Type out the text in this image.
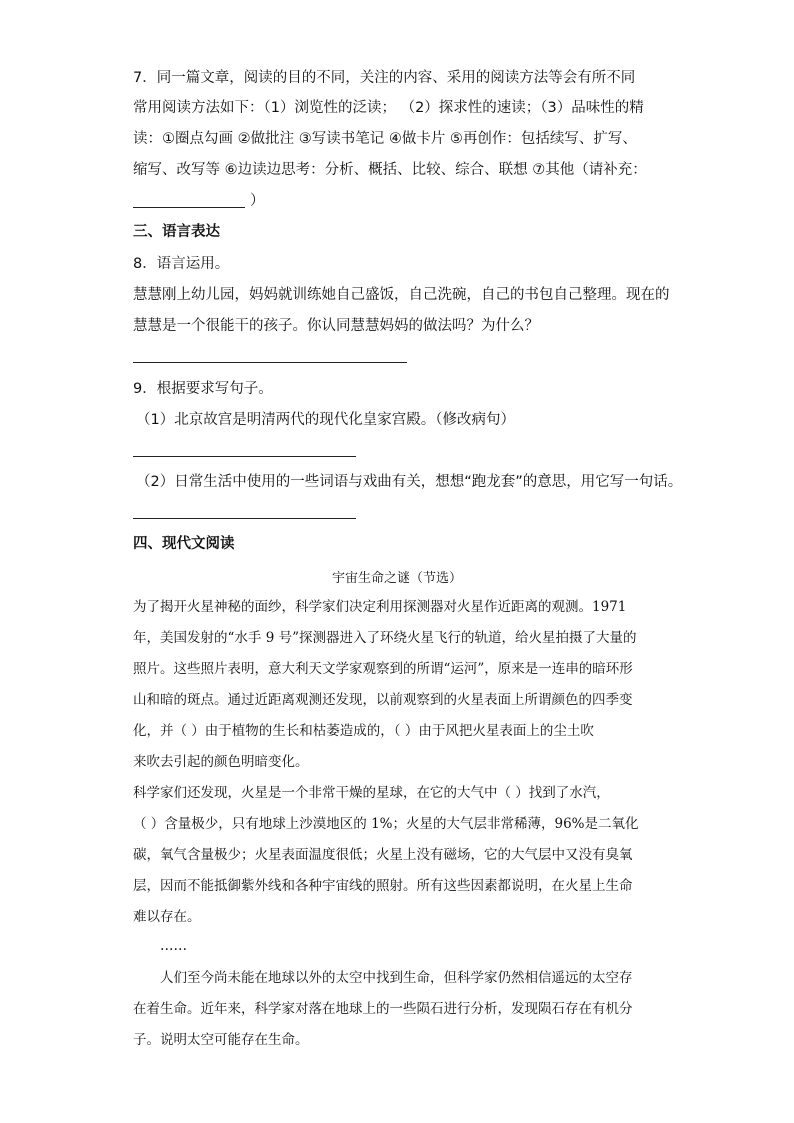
7．同一篇文章，阅读的目的不同，关注的内容、采用的阅读方法等会有所不同
常用阅读方法如下：（1）浏览性的泛读； （2）探求性的速读；（3）品味性的精
读：①圈点勾画 ②做批注 ③写读书笔记 ④做卡片 ⑤再创作：包括续写、扩写、
缩写、改写等 ⑥边读边思考：分析、概括、比较、综合、联想 ⑦其他（请补充：
）
三、语言表达
8．语言运用。
慧慧刚上幼儿园，妈妈就训练她自己盛饭，自己洗碗，自己的书包自己整理。现在的
慧慧是一个很能干的孩子。你认同慧慧妈妈的做法吗？为什么？
9．根据要求写句子。
（1）北京故宫是明清两代的现代化皇家宫殿。（修改病句）
（2）日常生活中使用的一些词语与戏曲有关，想想“跑龙套”的意思，用它写一句话。
四、现代文阅读
宇宙生命之谜（节选）
为了揭开火星神秘的面纱，科学家们决定利用探测器对火星作近距离的观测。1971
年，美国发射的“水手 9 号”探测器进入了环绕火星飞行的轨道，给火星拍摄了大量的
照片。这些照片表明，意大利天文学家观察到的所谓“运河”，原来是一连串的暗环形
山和暗的斑点。通过近距离观测还发现，以前观察到的火星表面上所谓颜色的四季变
化，并（ ）由于植物的生长和枯萎造成的，（ ）由于风把火星表面上的尘土吹
来吹去引起的颜色明暗变化。
科学家们还发现，火星是一个非常干燥的星球，在它的大气中（ ）找到了水汽，
（ ）含量极少，只有地球上沙漠地区的 1%；火星的大气层非常稀薄，96%是二氧化
碳，氧气含量极少；火星表面温度很低；火星上没有磁场，它的大气层中又没有臭氧
层，因而不能抵御紫外线和各种宇宙线的照射。所有这些因素都说明，在火星上生命
难以存在。
……
人们至今尚未能在地球以外的太空中找到生命，但科学家仍然相信遥远的太空存
在着生命。近年来，科学家对落在地球上的一些陨石进行分析，发现陨石存在有机分
子。说明太空可能存在生命。
